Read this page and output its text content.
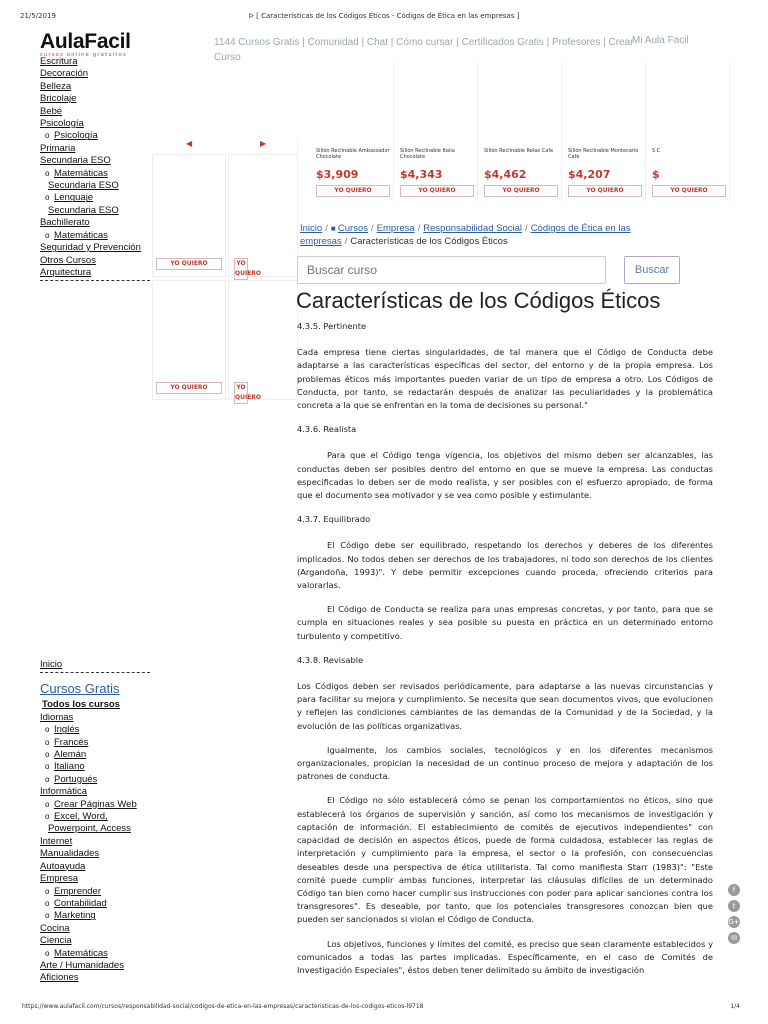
21/5/2019	ᐅ [ Características de los Códigos Éticos - Códigos de Ética en las empresas ]
AulaFacil
cursos online gratuitos
1144 Cursos Gratis | Comunidad | Chat | Cómo cursar | Certificados Gratis | Profesores | Crear Curso
Mi Aula Facil
Escritura
Decoración
Belleza
Bricolaje
Bebé
Psicología
o Psicología
Primaria
Secundaria ESO
o Matemáticas
Secundaria ESO
o Lenguaje
Secundaria ESO
Bachillerato
o Matemáticas
Seguridad y Prevención
Otros Cursos
Arquitectura
◀	▶
YO QUIERO	YO QUIERO
YO QUIERO	YO QUIERO
Sillón Reclinable Ambassador Chocolate
$3,909
YO QUIERO
Sillón Reclinable Italia Chocolate
$4,343
YO QUIERO
Sillón Reclinable Relax Cafe
$4,462
YO QUIERO
Sillón Reclinable Montecarlo Cafe
$4,207
YO QUIERO
S C
$
YO QUIERO
Inicio / ■ Cursos / Empresa / Responsabilidad Social / Códigos de Ética en las empresas / Características de los Códigos Éticos
Buscar curso
Buscar
Características de los Códigos Éticos
4.3.5. Pertinente

Cada empresa tiene ciertas singularidades, de tal manera que el Código de Conducta debe adaptarse a las características específicas del sector, del entorno y de la propia empresa. Los problemas éticos más importantes pueden variar de un tipo de empresa a otro. Los Códigos de Conducta, por tanto, se redactarán después de analizar las peculiaridades y la problemática concreta a la que se enfrentan en la toma de decisiones su personal."

4.3.6. Realista

Para que el Código tenga vigencia, los objetivos del mismo deben ser alcanzables, las conductas deben ser posibles dentro del entorno en que se mueve la empresa. Las conductas especificadas lo deben ser de modo realista, y ser posibles con el esfuerzo apropiado, de forma que el documento sea motivador y se vea como posible y estimulante.

4.3.7. Equilibrado

El Código debe ser equilibrado, respetando los derechos y deberes de los diferentes implicados. No todos deben ser derechos de los trabajadores, ni todo son derechos de los clientes (Argandoña, 1993)". Y debe permitir excepciones cuando proceda, ofreciendo criterios para valorarlas.

El Código de Conducta se realiza para unas empresas concretas, y por tanto, para que se cumpla en situaciones reales y sea posible su puesta en práctica en un determinado entorno turbulento y competitivo.

4.3.8. Revisable

Los Códigos deben ser revisados periódicamente, para adaptarse a las nuevas circunstancias y para facilitar su mejora y cumplimiento. Se necesita que sean documentos vivos, que evolucionen y reflejen las condiciones cambiantes de las demandas de la Comunidad y de la Sociedad, y la evolución de las políticas organizativas.

Igualmente, los cambios sociales, tecnológicos y en los diferentes mecanismos organizacionales, propician la necesidad de un continuo proceso de mejora y adaptación de los patrones de conducta.

El Código no sólo establecerá cómo se penan los comportamientos no éticos, sino que establecerá los órganos de supervisión y sanción, así como los mecanismos de investigación y captación de información. El establecimiento de comités de ejecutivos independientes" con capacidad de decisión en aspectos éticos, puede de forma cuidadosa, establecer las reglas de interpretación y cumplimiento para la empresa, el sector o la profesión, con consecuencias deseables desde una perspectiva de ética utilitarista. Tal como manifiesta Starr (1983)": "Este comité puede cumplir ambas funciones, interpretar las cláusulas difíciles de un determinado Código tan bien como hacer cumplir sus instrucciones con poder para aplicar sanciones contra los transgresores". Es deseable, por tanto, que los potenciales transgresores conozcan bien que pueden ser sancionados si violan el Código de Conducta.

Los objetivos, funciones y límites del comité, es preciso que sean claramente establecidos y comunicados a todas las partes implicadas. Específicamente, en el caso de Comités de Investigación Especiales", éstos deben tener delimitado su ámbito de investigación

Inicio
Cursos Gratis
Todos los cursos
Idiomas
o Inglés
o Francés
o Alemán
o Italiano
o Portugués
Informática
o Crear Páginas Web
o Excel, Word,
Powerpoint, Access
Internet
Manualidades
Autoayuda
Empresa
o Emprender
o Contabilidad
o Marketing
Cocina
Ciencia
o Matemáticas
Arte / Humanidades
Aficiones
f
t
G+
✉
https://www.aulafacil.com/cursos/responsabilidad-social/codigos-de-etica-en-las-empresas/caracteristicas-de-los-codigos-eticos-l9718	1/4
